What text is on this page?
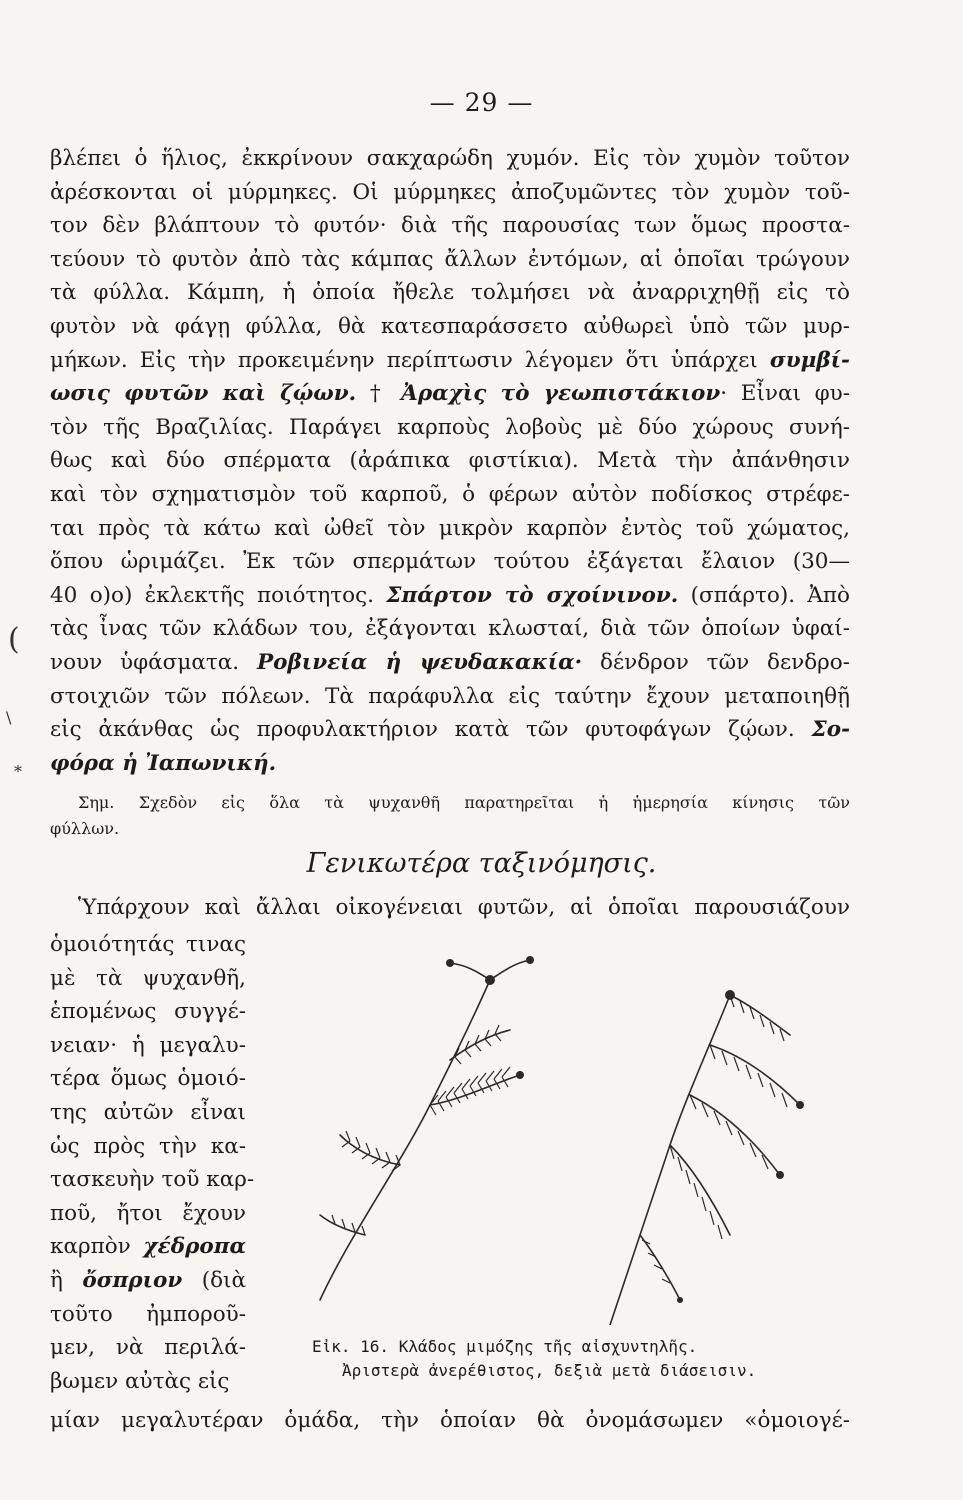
— 29 —
βλέπει ὁ ἥλιος, ἐκκρίνουν σακχαρώδη χυμόν. Εἰς τὸν χυμὸν τοῦτον
ἀρέσκονται οἱ μύρμηκες. Οἱ μύρμηκες ἀποζυμῶντες τὸν χυμὸν τοῦ-
τον δὲν βλάπτουν τὸ φυτόν· διὰ τῆς παρουσίας των ὅμως προστα-
τεύουν τὸ φυτὸν ἀπὸ τὰς κάμπας ἄλλων ἐντόμων, αἱ ὁποῖαι τρώγουν
τὰ φύλλα. Κάμπη, ἡ ὁποία ἤθελε τολμήσει νὰ ἀναρριχηθῇ εἰς τὸ
φυτὸν νὰ φάγῃ φύλλα, θὰ κατεσπαράσσετο αὐθωρεὶ ὑπὸ τῶν μυρ-
μήκων. Εἰς τὴν προκειμένην περίπτωσιν λέγομεν ὅτι ὑπάρχει συμβί-
ωσις φυτῶν καὶ ζῴων. † Ἀραχὶς τὸ γεωπιστάκιον· Εἶναι φυ-
τὸν τῆς Βραζιλίας. Παράγει καρποὺς λοβοὺς μὲ δύο χώρους συνή-
θως καὶ δύο σπέρματα (ἀράπικα φιστίκια). Μετὰ τὴν ἀπάνθησιν
καὶ τὸν σχηματισμὸν τοῦ καρποῦ, ὁ φέρων αὐτὸν ποδίσκος στρέφε-
ται πρὸς τὰ κάτω καὶ ὠθεῖ τὸν μικρὸν καρπὸν ἐντὸς τοῦ χώματος,
ὅπου ὡριμάζει. Ἐκ τῶν σπερμάτων τούτου ἐξάγεται ἔλαιον (30—
40 ο)ο) ἐκλεκτῆς ποιότητος. Σπάρτον τὸ σχοίνινον. (σπάρτο). Ἀπὸ
τὰς ἶνας τῶν κλάδων του, ἐξάγονται κλωσταί, διὰ τῶν ὁποίων ὑφαί-
νουν ὑφάσματα. Ροβινεία ἡ ψευδακακία· δένδρον τῶν δενδρο-
στοιχιῶν τῶν πόλεων. Τὰ παράφυλλα εἰς ταύτην ἔχουν μεταποιηθῇ
εἰς ἀκάνθας ὡς προφυλακτήριον κατὰ τῶν φυτοφάγων ζῴων. Σο-
φόρα ἡ Ἰαπωνική.
Σημ. Σχεδὸν εἰς ὅλα τὰ ψυχανθῆ παρατηρεῖται ἡ ἡμερησία κίνησις τῶν
φύλλων.
Γενικωτέρα ταξινόμησις.
Ὑπάρχουν καὶ ἄλλαι οἰκογένειαι φυτῶν, αἱ ὁποῖαι παρουσιάζουν
ὁμοιότητάς τινας
μὲ τὰ ψυχανθῆ,
ἑπομένως συγγέ-
νειαν· ἡ μεγαλυ-
τέρα ὅμως ὁμοιό-
της αὐτῶν εἶναι
ὡς πρὸς τὴν κα-
τασκευὴν τοῦ καρ-
ποῦ, ἤτοι ἔχουν
καρπὸν χέδροπα
ἢ ὄσπριον (διὰ
τοῦτο ἠμποροῦ-
μεν, νὰ περιλά-
βωμεν αὐτὰς εἰς
Εἰκ. 16. Κλάδος μιμόζης τῆς αἰσχυντηλῆς.
Ἀριστερὰ ἀνερέθιστος, δεξιὰ μετὰ διάσεισιν.
μίαν μεγαλυτέραν ὁμάδα, τὴν ὁποίαν θὰ ὀνομάσωμεν «ὁμοιογέ-
(
\
*
